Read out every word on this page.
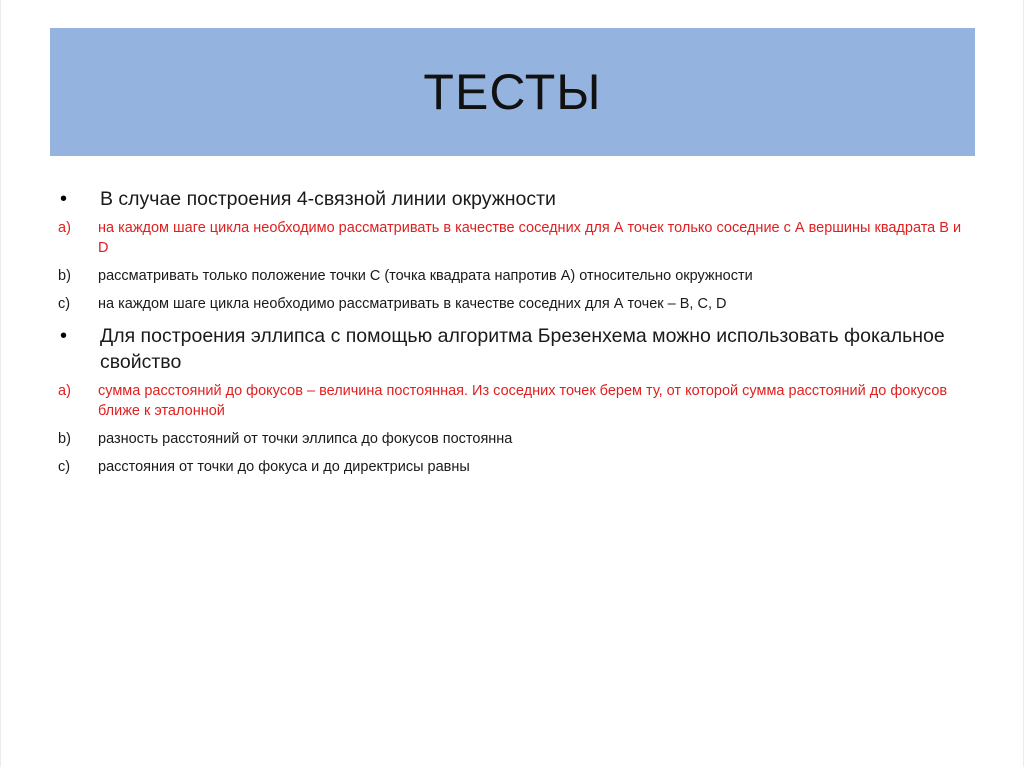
ТЕСТЫ
•	В случае построения 4-связной линии окружности
a)	на каждом шаге цикла необходимо рассматривать в качестве соседних для А точек только соседние с А вершины квадрата B и D
b)	рассматривать только положение точки С (точка квадрата напротив А) относительно окружности
c)	на каждом шаге цикла необходимо рассматривать в качестве соседних для А точек – В, С, D
•	Для построения эллипса с помощью алгоритма Брезенхема можно использовать фокальное свойство
a)	сумма расстояний до фокусов – величина постоянная. Из соседних точек берем ту, от которой сумма расстояний до фокусов ближе к эталонной
b)	разность расстояний от точки эллипса до фокусов постоянна
c)	расстояния от точки до фокуса и до директрисы равны
